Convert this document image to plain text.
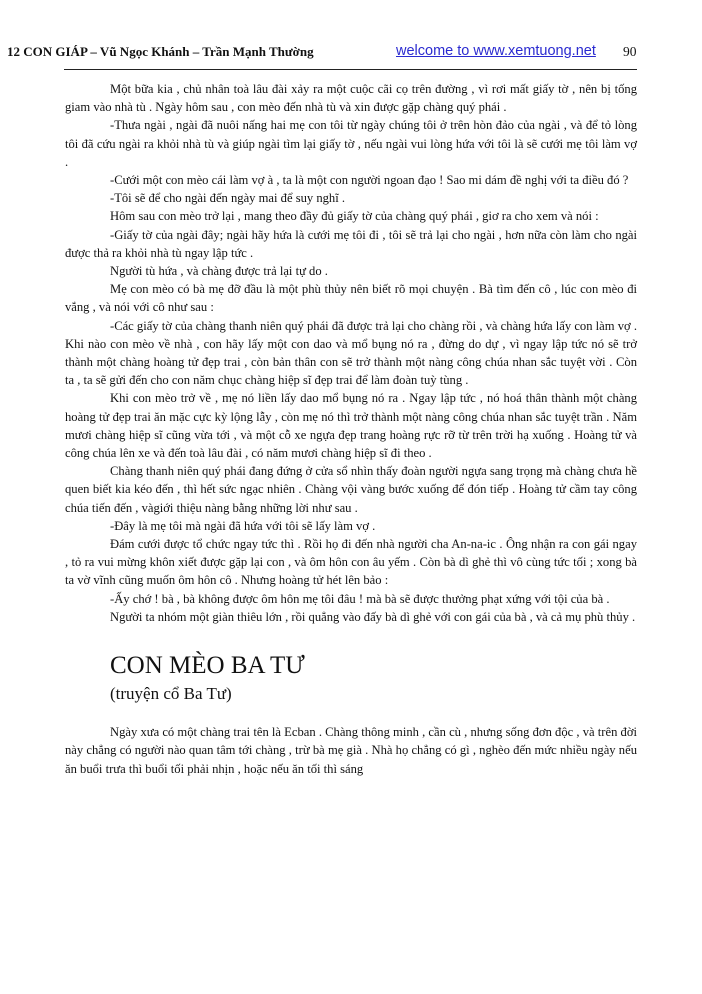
12 CON GIÁP – Vũ Ngọc Khánh – Trần Mạnh Thường	welcome to www.xemtuong.net 90

Một bữa kia , chủ nhân toà lâu đài xảy ra một cuộc cãi cọ trên đường , vì rơi mất giấy tờ , nên bị tống giam vào nhà tù . Ngày hôm sau , con mèo đến nhà tù và xin được gặp chàng quý phái .

-Thưa ngài , ngài đã nuôi nấng hai mẹ con tôi từ ngày chúng tôi ở trên hòn đảo của ngài , và để tỏ lòng tôi đã cứu ngài ra khỏi nhà tù và giúp ngài tìm lại giấy tờ , nếu ngài vui lòng hứa với tôi là sẽ cưới mẹ tôi làm vợ .

-Cưới một con mèo cái làm vợ à , ta là một con người ngoan đạo ! Sao mi dám đề nghị với ta điều đó ?

-Tôi sẽ để cho ngài đến ngày mai để suy nghĩ .

Hôm sau con mèo trở lại , mang theo đầy đủ giấy tờ của chàng quý phái , giơ ra cho xem và nói :

-Giấy tờ của ngài đây; ngài hãy hứa là cưới mẹ tôi đi , tôi sẽ trả lại cho ngài , hơn nữa còn làm cho ngài được thả ra khỏi nhà tù ngay lập tức .

Người tù hứa , và chàng được trả lại tự do .

Mẹ con mèo có bà mẹ đỡ đầu là một phù thủy nên biết rõ mọi chuyện . Bà tìm đến cô , lúc con mèo đi vắng , và nói với cô như sau :

-Các giấy tờ của chàng thanh niên quý phái đã được trả lại cho chàng rồi , và chàng hứa lấy con làm vợ . Khi nào con mèo về nhà , con hãy lấy một con dao và mổ bụng nó ra , đừng do dự , vì ngay lập tức nó sẽ trở thành một chàng hoàng tử đẹp trai , còn bản thân con sẽ trở thành một nàng công chúa nhan sắc tuyệt vời . Còn ta , ta sẽ gửi đến cho con năm chục chàng hiệp sĩ đẹp trai để làm đoàn tuỳ tùng .

Khi con mèo trở về , mẹ nó liền lấy dao mổ bụng nó ra . Ngay lập tức , nó hoá thân thành một chàng hoàng tử đẹp trai ăn mặc cực kỳ lộng lẫy , còn mẹ nó thì trở thành một nàng công chúa nhan sắc tuyệt trần . Năm mươi chàng hiệp sĩ cũng vừa tới , và một cỗ xe ngựa đẹp trang hoàng rực rỡ từ trên trời hạ xuống . Hoàng tử và công chúa lên xe và đến toà lâu đài , có năm mươi chàng hiệp sĩ đi theo .

Chàng thanh niên quý phái đang đứng ở cửa sổ nhìn thấy đoàn người ngựa sang trọng mà chàng chưa hề quen biết kia kéo đến , thì hết sức ngạc nhiên . Chàng vội vàng bước xuống để đón tiếp . Hoàng tử cầm tay công chúa tiến đến , vàgiới thiệu nàng bằng những lời như sau .

-Đây là mẹ tôi mà ngài đã hứa với tôi sẽ lấy làm vợ .

Đám cưới được tổ chức ngay tức thì . Rồi họ đi đến nhà người cha An-na-ic . Ông nhận ra con gái ngay , tỏ ra vui mừng khôn xiết được gặp lại con , và ôm hôn con âu yếm . Còn bà dì ghẻ thì vô cùng tức tối ; xong bà ta vờ vĩnh cũng muốn ôm hôn cô . Nhưng hoàng tử hét lên bảo :

-Ấy chớ ! bà , bà không được ôm hôn mẹ tôi đâu ! mà bà sẽ được thưởng phạt xứng với tội của bà .

Người ta nhóm một giàn thiêu lớn , rồi quẳng vào đấy bà dì ghẻ với con gái của bà , và cả mụ phù thủy .

CON MÈO BA TƯ
(truyện cổ Ba Tư)

Ngày xưa có một chàng trai tên là Ecban . Chàng thông minh , cần cù , nhưng sống đơn độc , và trên đời này chẳng có người nào quan tâm tới chàng , trừ bà mẹ già . Nhà họ chẳng có gì , nghèo đến mức nhiều ngày nếu ăn buổi trưa thì buổi tối phải nhịn , hoặc nếu ăn tối thì sáng
